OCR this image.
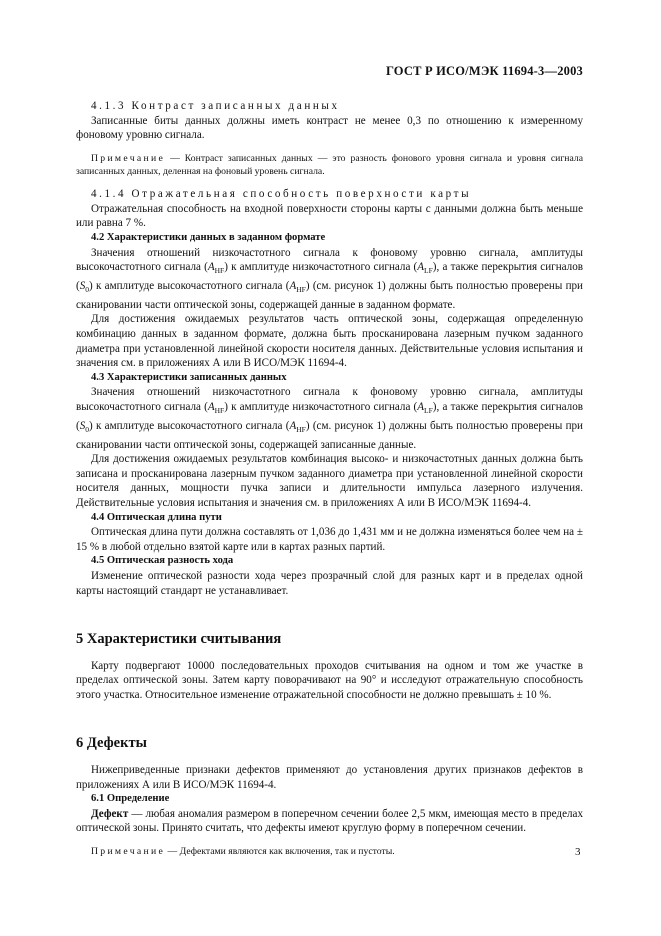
ГОСТ Р ИСО/МЭК 11694-3—2003

4.1.3 Контраст записанных данных

Записанные биты данных должны иметь контраст не менее 0,3 по отношению к измеренному фоновому уровню сигнала.

Примечание — Контраст записанных данных — это разность фонового уровня сигнала и уровня сигнала записанных данных, деленная на фоновый уровень сигнала.

4.1.4 Отражательная способность поверхности карты

Отражательная способность на входной поверхности стороны карты с данными должна быть меньше или равна 7 %.

4.2 Характеристики данных в заданном формате

Значения отношений низкочастотного сигнала к фоновому уровню сигнала, амплитуды высокочастотного сигнала $(A_{HF})$ к амплитуде низкочастотного сигнала $(A_{LF})$, а также перекрытия сигналов $(S_0)$ к амплитуде высокочастотного сигнала $(A_{HF})$ (см. рисунок 1) должны быть полностью проверены при сканировании части оптической зоны, содержащей данные в заданном формате.

Для достижения ожидаемых результатов часть оптической зоны, содержащая определенную комбинацию данных в заданном формате, должна быть просканирована лазерным пучком заданного диаметра при установленной линейной скорости носителя данных. Действительные условия испытания и значения см. в приложениях А или В ИСО/МЭК 11694-4.

4.3 Характеристики записанных данных

Значения отношений низкочастотного сигнала к фоновому уровню сигнала, амплитуды высокочастотного сигнала $(A_{HF})$ к амплитуде низкочастотного сигнала $(A_{LF})$, а также перекрытия сигналов $(S_0)$ к амплитуде высокочастотного сигнала $(A_{HF})$ (см. рисунок 1) должны быть полностью проверены при сканировании части оптической зоны, содержащей записанные данные.

Для достижения ожидаемых результатов комбинация высоко- и низкочастотных данных должна быть записана и просканирована лазерным пучком заданного диаметра при установленной линейной скорости носителя данных, мощности пучка записи и длительности импульса лазерного излучения. Действительные условия испытания и значения см. в приложениях А или В ИСО/МЭК 11694-4.

4.4 Оптическая длина пути

Оптическая длина пути должна составлять от 1,036 до 1,431 мм и не должна изменяться более чем на ± 15 % в любой отдельно взятой карте или в картах разных партий.

4.5 Оптическая разность хода

Изменение оптической разности хода через прозрачный слой для разных карт и в пределах одной карты настоящий стандарт не устанавливает.

5 Характеристики считывания

Карту подвергают 10000 последовательных проходов считывания на одном и том же участке в пределах оптической зоны. Затем карту поворачивают на 90° и исследуют отражательную способность этого участка. Относительное изменение отражательной способности не должно превышать ± 10 %.

6 Дефекты

Нижеприведенные признаки дефектов применяют до установления других признаков дефектов в приложениях А или В ИСО/МЭК 11694-4.

6.1 Определение

Дефект — любая аномалия размером в поперечном сечении более 2,5 мкм, имеющая место в пределах оптической зоны. Принято считать, что дефекты имеют круглую форму в поперечном сечении.

Примечание — Дефектами являются как включения, так и пустоты.	3
